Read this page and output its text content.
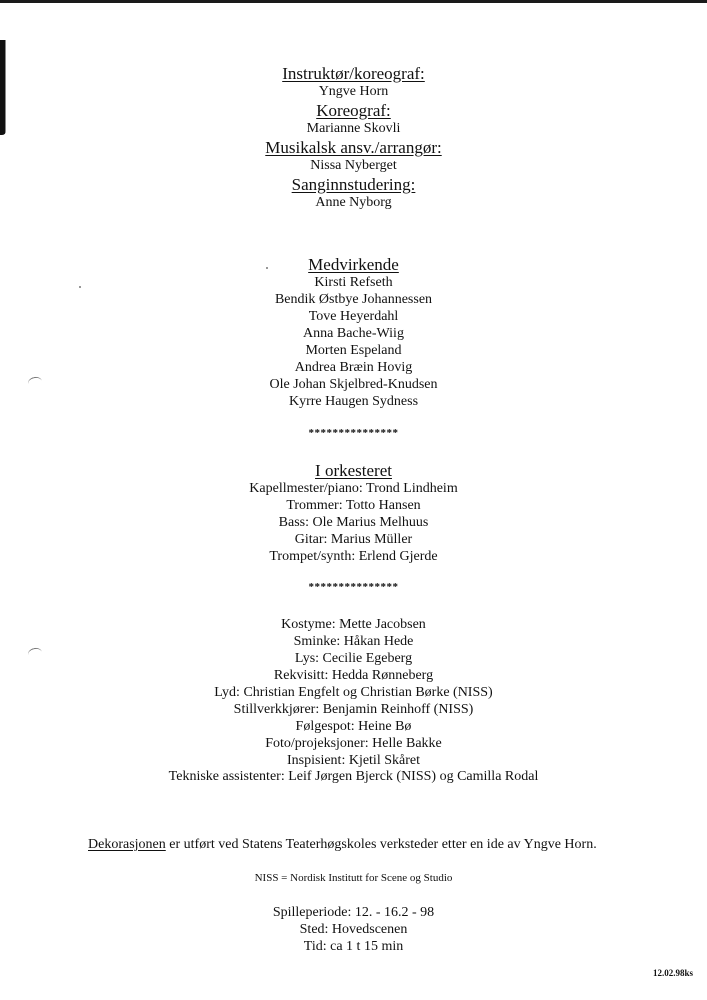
Instruktør/koreograf:
Yngve Horn
Koreograf:
Marianne Skovli
Musikalsk ansv./arrangør:
Nissa Nyberget
Sanginnstudering:
Anne Nyborg
Medvirkende
Kirsti Refseth
Bendik Østbye Johannessen
Tove Heyerdahl
Anna Bache-Wiig
Morten Espeland
Andrea Bræin Hovig
Ole Johan Skjelbred-Knudsen
Kyrre Haugen Sydness
***************
I orkesteret
Kapellmester/piano: Trond Lindheim
Trommer: Totto Hansen
Bass: Ole Marius Melhuus
Gitar: Marius Müller
Trompet/synth: Erlend Gjerde
***************
Kostyme: Mette Jacobsen
Sminke: Håkan Hede
Lys: Cecilie Egeberg
Rekvisitt: Hedda Rønneberg
Lyd: Christian Engfelt og Christian Børke (NISS)
Stillverkkjører: Benjamin Reinhoff (NISS)
Følgespot: Heine Bø
Foto/projeksjoner: Helle Bakke
Inspisient: Kjetil Skåret
Tekniske assistenter: Leif Jørgen Bjerck (NISS) og Camilla Rodal
Dekorasjonen er utført ved Statens Teaterhøgskoles verksteder etter en ide av Yngve Horn.
NISS = Nordisk Institutt for Scene og Studio
Spilleperiode: 12. - 16.2 - 98
Sted: Hovedscenen
Tid: ca 1 t 15 min
12.02.98ks
